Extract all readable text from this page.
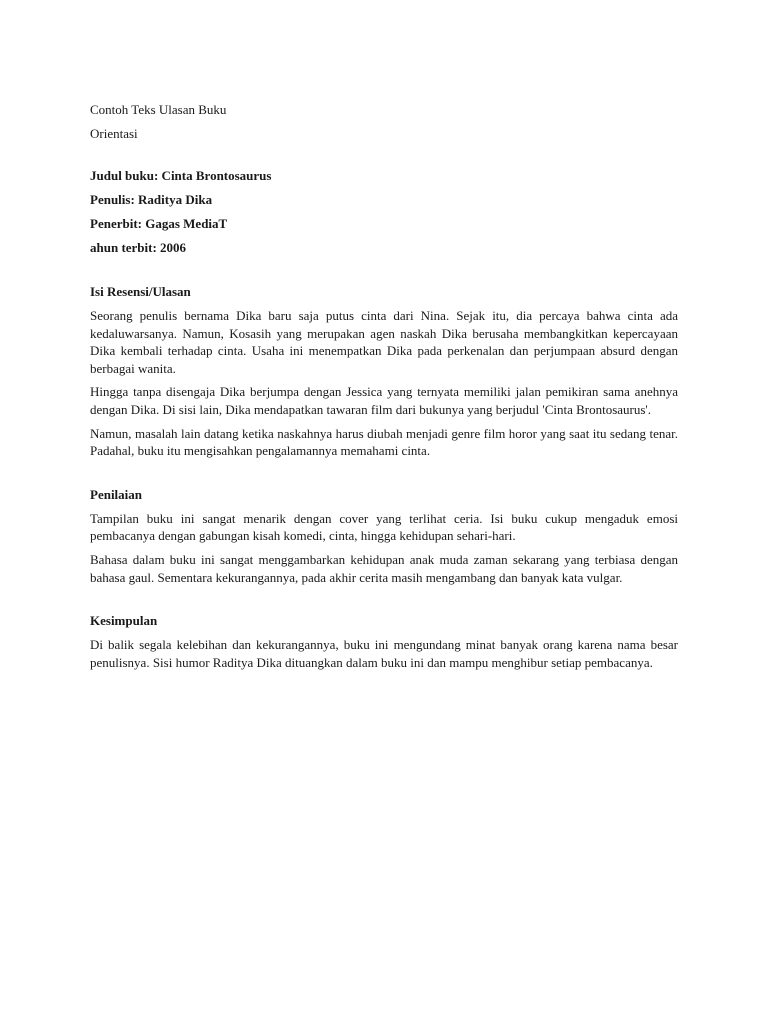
Contoh Teks Ulasan Buku

Orientasi

Judul buku: Cinta Brontosaurus

Penulis: Raditya Dika

Penerbit: Gagas MediaT

ahun terbit: 2006

Isi Resensi/Ulasan

Seorang penulis bernama Dika baru saja putus cinta dari Nina. Sejak itu, dia percaya bahwa cinta ada kedaluwarsanya. Namun, Kosasih yang merupakan agen naskah Dika berusaha membangkitkan kepercayaan Dika kembali terhadap cinta. Usaha ini menempatkan Dika pada perkenalan dan perjumpaan absurd dengan berbagai wanita.

Hingga tanpa disengaja Dika berjumpa dengan Jessica yang ternyata memiliki jalan pemikiran sama anehnya dengan Dika. Di sisi lain, Dika mendapatkan tawaran film dari bukunya yang berjudul 'Cinta Brontosaurus'.

Namun, masalah lain datang ketika naskahnya harus diubah menjadi genre film horor yang saat itu sedang tenar. Padahal, buku itu mengisahkan pengalamannya memahami cinta.

Penilaian

Tampilan buku ini sangat menarik dengan cover yang terlihat ceria. Isi buku cukup mengaduk emosi pembacanya dengan gabungan kisah komedi, cinta, hingga kehidupan sehari-hari.

Bahasa dalam buku ini sangat menggambarkan kehidupan anak muda zaman sekarang yang terbiasa dengan bahasa gaul. Sementara kekurangannya, pada akhir cerita masih mengambang dan banyak kata vulgar.

Kesimpulan

Di balik segala kelebihan dan kekurangannya, buku ini mengundang minat banyak orang karena nama besar penulisnya. Sisi humor Raditya Dika dituangkan dalam buku ini dan mampu menghibur setiap pembacanya.
